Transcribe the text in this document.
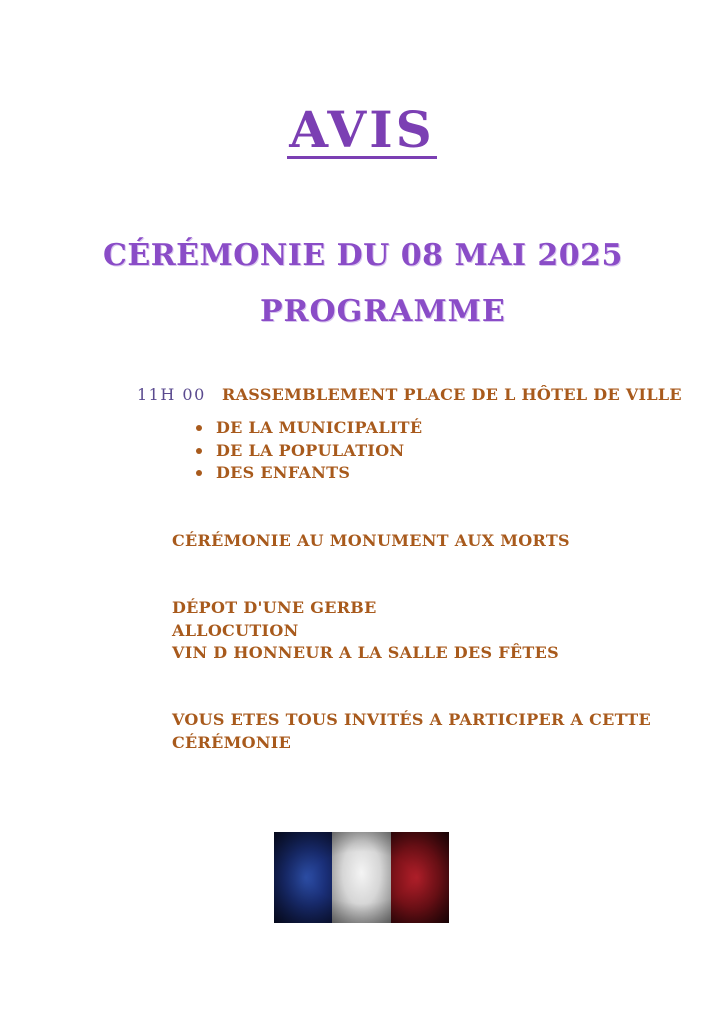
AVIS
CÉRÉMONIE DU 08 MAI 2025
PROGRAMME
11H 00 RASSEMBLEMENT PLACE DE L HÔTEL DE VILLE
DE LA MUNICIPALITÉ
DE LA POPULATION
DES ENFANTS
CÉRÉMONIE AU MONUMENT AUX MORTS
DÉPOT D'UNE GERBE
ALLOCUTION
VIN D HONNEUR A LA SALLE DES FÊTES
VOUS ETES TOUS INVITÉS A PARTICIPER A CETTE
CÉRÉMONIE
